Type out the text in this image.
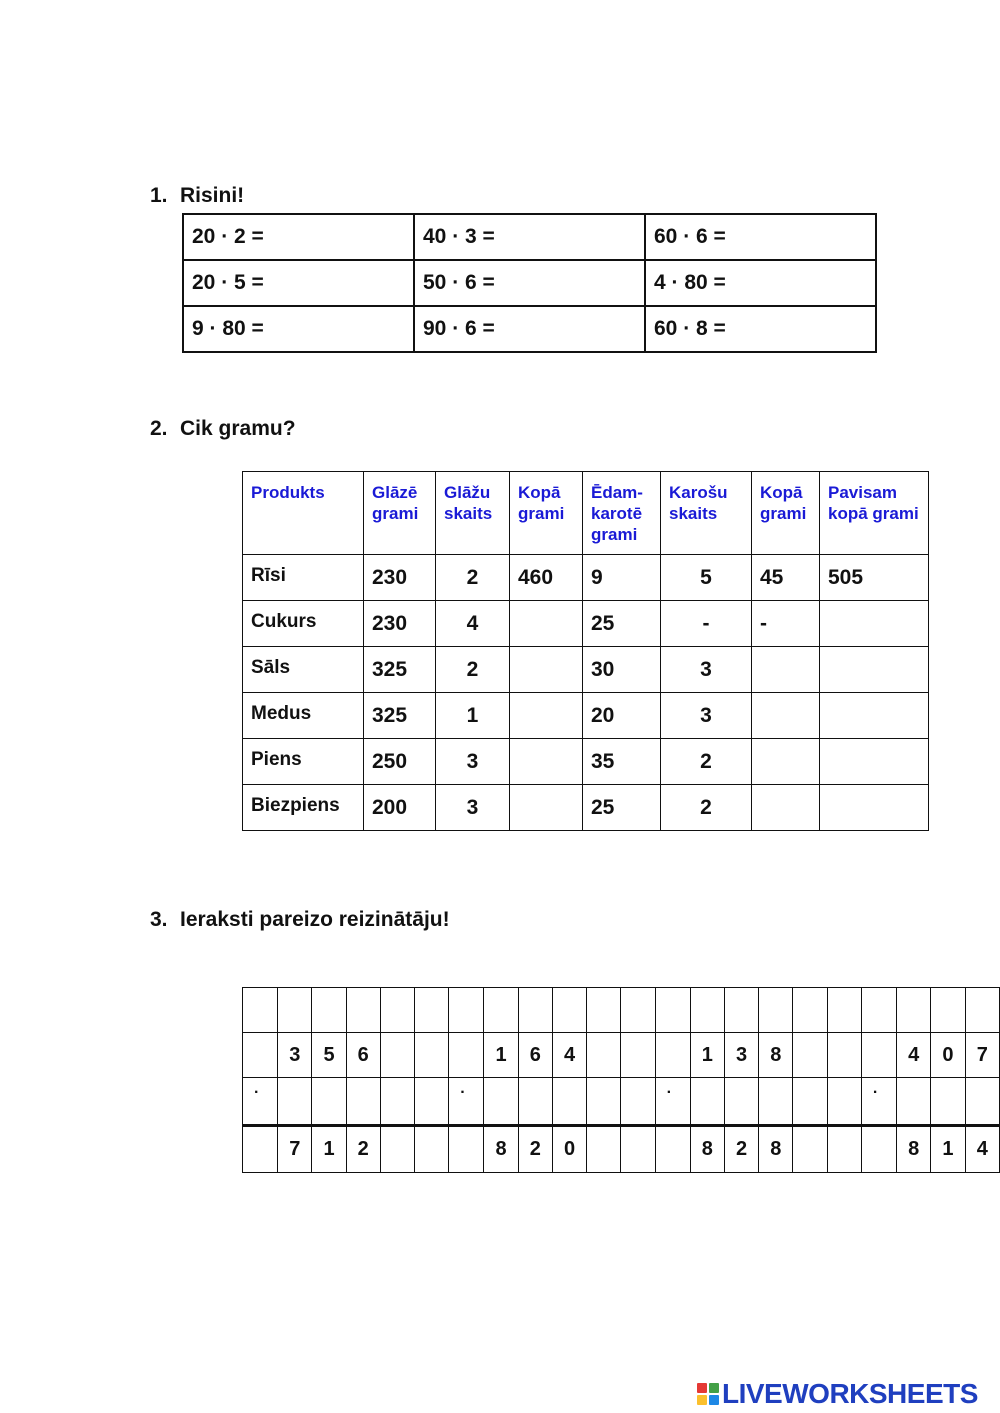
1. Risini!
20 · 2 =	40 · 3 =	60 · 6 =
20 · 5 =	50 · 6 =	4 · 80 =
9 · 80 =	90 · 6 =	60 · 8 =
2. Cik gramu?
Produkts	Glāzē grami	Glāžu skaits	Kopā grami	Ēdam-karotē grami	Karošu skaits	Kopā grami	Pavisam kopā grami
Rīsi	230	2	460	9	5	45	505
Cukurs	230	4		25	-	-	
Sāls	325	2		30	3		
Medus	325	1		20	3		
Piens	250	3		35	2		
Biezpiens	200	3		25	2		
3. Ieraksti pareizo reizinātāju!

	3	5	6				1	6	4				1	3	8				4	0	7
·						·						·						·			
	7	1	2				8	2	0				8	2	8				8	1	4
LIVEWORKSHEETS
